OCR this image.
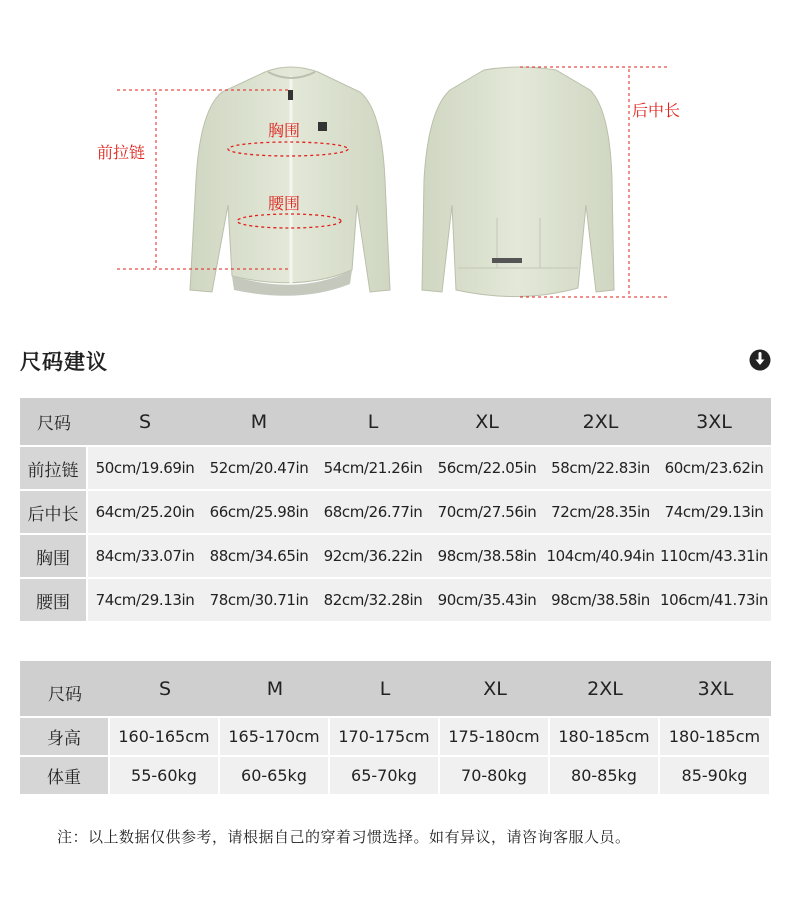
前拉链
胸围
腰围
后中长
尺码建议
尺码	S	M	L	XL	2XL	3XL
前拉链	50cm/19.69in	52cm/20.47in	54cm/21.26in	56cm/22.05in	58cm/22.83in	60cm/23.62in
后中长	64cm/25.20in	66cm/25.98in	68cm/26.77in	70cm/27.56in	72cm/28.35in	74cm/29.13in
胸围	84cm/33.07in	88cm/34.65in	92cm/36.22in	98cm/38.58in	104cm/40.94in	110cm/43.31in
腰围	74cm/29.13in	78cm/30.71in	82cm/32.28in	90cm/35.43in	98cm/38.58in	106cm/41.73in
尺码	S	M	L	XL	2XL	3XL
身高	160-165cm	165-170cm	170-175cm	175-180cm	180-185cm	180-185cm
体重	55-60kg	60-65kg	65-70kg	70-80kg	80-85kg	85-90kg
注：以上数据仅供参考，请根据自己的穿着习惯选择。如有异议，请咨询客服人员。
